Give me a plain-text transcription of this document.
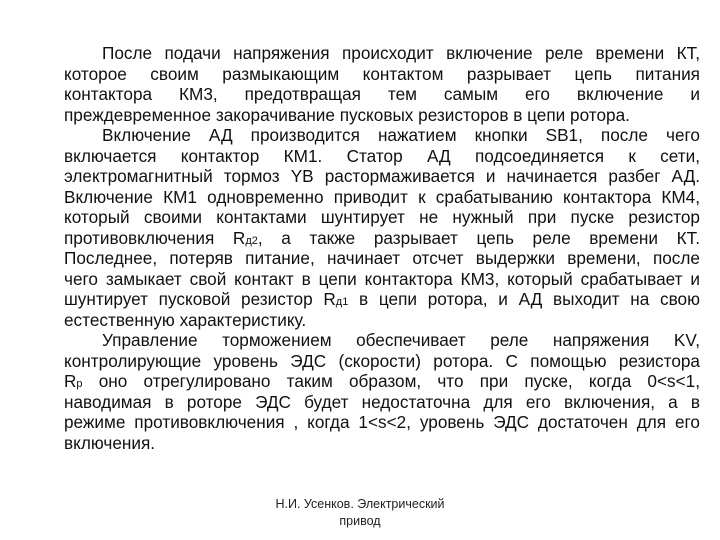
После подачи напряжения происходит включение реле времени КТ,
которое своим размыкающим контактом разрывает цепь питания
контактора КМ3, предотвращая тем самым его включение и
преждевременное закорачивание пусковых резисторов в цепи ротора.
Включение АД производится нажатием кнопки SB1, после чего
включается контактор КМ1. Статор АД подсоединяется к сети,
электромагнитный тормоз YB растормаживается и начинается разбег АД.
Включение КМ1 одновременно приводит к срабатыванию контактора КМ4,
который своими контактами шунтирует не нужный при пуске резистор
противовключения Rд2, а также разрывает цепь реле времени КТ.
Последнее, потеряв питание, начинает отсчет выдержки времени, после
чего замыкает свой контакт в цепи контактора КМ3, который срабатывает и
шунтирует пусковой резистор Rд1 в цепи ротора, и АД выходит на свою
естественную характеристику.
Управление торможением обеспечивает реле напряжения KV,
контролирующие уровень ЭДС (скорости) ротора. С помощью резистора
Rр оно отрегулировано таким образом, что при пуске, когда 0<s<1,
наводимая в роторе ЭДС будет недостаточна для его включения, а в
режиме противовключения , когда 1<s<2, уровень ЭДС достаточен для его
включения.
Н.И. Усенков. Электрический
привод
